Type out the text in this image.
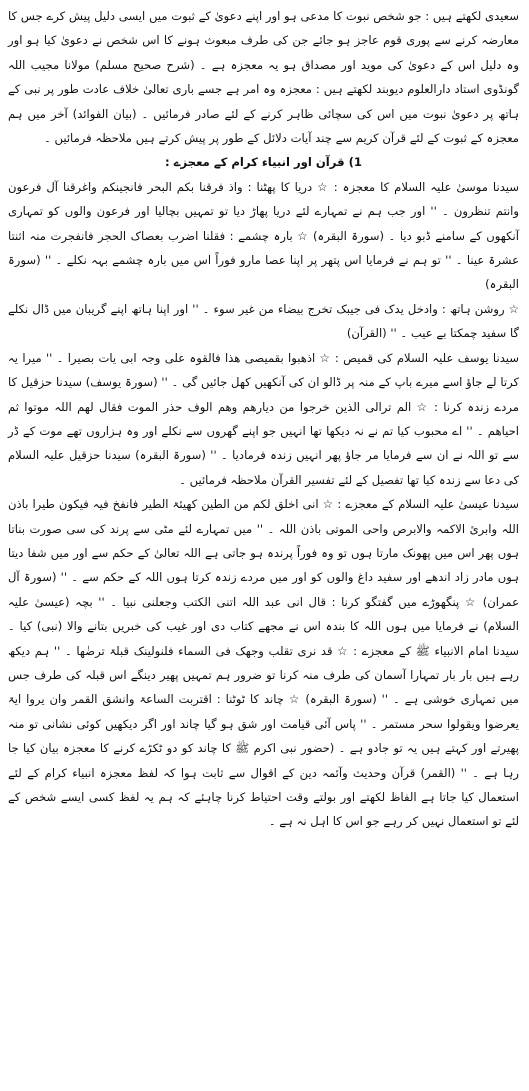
سعیدی لکھتے ہیں : جو شخص نبوت کا مدعی ہو اور اپنے دعویٰ کے ثبوت میں ایسی دلیل پیش کرے جس کا معارضہ کرنے سے پوری قوم عاجز ہو جائے جن کی طرف مبعوث ہونے کا اس شخص نے دعویٰ کیا ہو اور وہ دلیل اس کے دعویٰ کی موید اور مصداق ہو یہ معجزہ ہے ۔ (شرح صحیح مسلم) مولانا مجیب اللہ گونڈوی استاد دارالعلوم دیوبند لکھتے ہیں : معجزہ وہ امر ہے جسے باری تعالیٰ خلاف عادت طور پر نبی کے ہاتھ پر دعویٰ نبوت میں اس کی سچائی ظاہر کرنے کے لئے صادر فرمائیں ۔ (بیان الفوائد) آخر میں ہم معجزہ کے ثبوت کے لئے قرآن کریم سے چند آیات دلائل کے طور پر پیش کرتے ہیں ملاحظہ فرمائیں ۔

1) قرآن اور انبیاء کرام کے معجزے :

سیدنا موسیٰ علیہ السلام کا معجزہ : ☆ دریا کا پھٹنا : واذ فرقنا بکم البحر فانجینکم واغرقنا آل فرعون وانتم تنظرون ۔ '' اور جب ہم نے تمہارے لئے دریا پھاڑ دیا تو تمہیں بچالیا اور فرعون والوں کو تمہاری آنکھوں کے سامنے ڈبو دیا ۔ (سورۃ البقرہ) ☆ بارہ چشمے : فقلنا اضرب بعصاک الحجر فانفجرت منہ اثنتا عشرۃ عینا ۔ '' تو ہم نے فرمایا اس پتھر پر اپنا عصا مارو فوراً اس میں بارہ چشمے بہہ نکلے ۔ '' (سورۃ البقرہ)

☆ روشن ہاتھ : وادخل یدک فی جیبک تخرج بیضاء من غیر سوء ۔ '' اور اپنا ہاتھ اپنے گریبان میں ڈال نکلے گا سفید چمکتا بے عیب ۔ '' (القرآن)

سیدنا یوسف علیہ السلام کی قمیص : ☆ اذھبوا بقمیصی ھذا فالقوہ علی وجہ ابی یات بصیرا ۔ '' میرا یہ کرتا لے جاؤ اسے میرے باپ کے منہ پر ڈالو ان کی آنکھیں کھل جائیں گی ۔ '' (سورۃ یوسف) سیدنا حزقیل کا مردے زندہ کرنا : ☆ الم ترالی الذین خرجوا من دیارھم وھم الوف حذر الموت فقال لھم اللہ موتوا ثم احیاھم ۔ '' اے محبوب کیا تم نے نہ دیکھا تھا انہیں جو اپنے گھروں سے نکلے اور وہ ہزاروں تھے موت کے ڈر سے تو اللہ نے ان سے فرمایا مر جاؤ پھر انہیں زندہ فرمادیا ۔ '' (سورۃ البقرہ) سیدنا حزقیل علیہ السلام کی دعا سے زندہ کیا تھا تفصیل کے لئے تفسیر القرآن ملاحظہ فرمائیں ۔

سیدنا عیسیٰ علیہ السلام کے معجزے : ☆ انی اخلق لکم من الطین کھیئۃ الطیر فانفخ فیہ فیکون طیرا باذن اللہ وابرئ الاکمہ والابرص واحی الموتی باذن اللہ ۔ '' میں تمہارے لئے مٹی سے پرند کی سی صورت بناتا ہوں پھر اس میں پھونک مارتا ہوں تو وہ فوراً پرندہ ہو جاتی ہے اللہ تعالیٰ کے حکم سے اور میں شفا دیتا ہوں مادر زاد اندھے اور سفید داغ والوں کو اور میں مردے زندہ کرتا ہوں اللہ کے حکم سے ۔ '' (سورۃ آل عمران) ☆ پنگھوڑے میں گفتگو کرنا : قال انی عبد اللہ اتنی الکتب وجعلنی نبیا ۔ '' بچہ (عیسیٰ علیہ السلام) نے فرمایا میں ہوں اللہ کا بندہ اس نے مجھے کتاب دی اور غیب کی خبریں بتانے والا (نبی) کیا ۔ سیدنا امام الانبیاء ﷺ کے معجزے : ☆ قد نری تقلب وجھک فی السماء فلنولینک قبلۃ ترضٰھا ۔ '' ہم دیکھ رہے ہیں بار بار تمہارا آسمان کی طرف منہ کرنا تو ضرور ہم تمہیں پھیر دینگے اس قبلہ کی طرف جس میں تمہاری خوشی ہے ۔ '' (سورۃ البقرہ) ☆ چاند کا ٹوٹنا : اقتربت الساعۃ وانشق القمر وان یروا ایۃ یعرضوا ویقولوا سحر مستمر ۔ '' پاس آئی قیامت اور شق ہو گیا چاند اور اگر دیکھیں کوئی نشانی تو منہ پھیرتے اور کہتے ہیں یہ تو جادو ہے ۔ (حضور نبی اکرم ﷺ کا چاند کو دو ٹکڑے کرنے کا معجزہ بیان کیا جا رہا ہے ۔ '' (القمر) قرآن وحدیث وآئمہ دین کے اقوال سے ثابت ہوا کہ لفظ معجزہ انبیاء کرام کے لئے استعمال کیا جاتا ہے الفاظ لکھتے اور بولتے وقت احتیاط کرنا چاہئے کہ ہم یہ لفظ کسی ایسے شخص کے لئے تو استعمال نہیں کر رہے جو اس کا اہل نہ ہے ۔
